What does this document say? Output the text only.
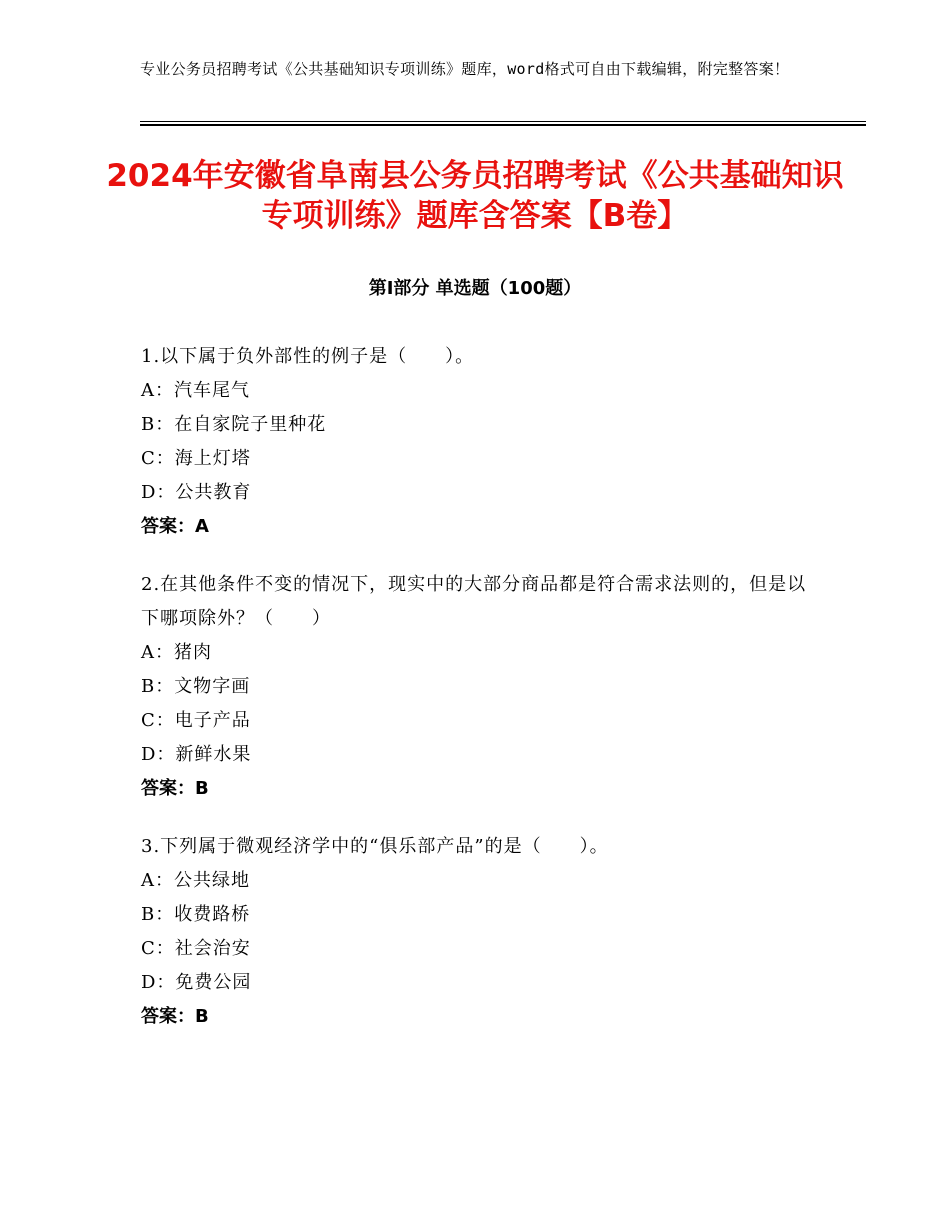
专业公务员招聘考试《公共基础知识专项训练》题库，word格式可自由下载编辑，附完整答案！
2024年安徽省阜南县公务员招聘考试《公共基础知识专项训练》题库含答案【B卷】
第Ⅰ部分 单选题（100题）
1.以下属于负外部性的例子是（　　）。
A：汽车尾气
B：在自家院子里种花
C：海上灯塔
D：公共教育
答案：A
2.在其他条件不变的情况下，现实中的大部分商品都是符合需求法则的，但是以下哪项除外？（　　）
A：猪肉
B：文物字画
C：电子产品
D：新鲜水果
答案：B
3.下列属于微观经济学中的“俱乐部产品”的是（　　）。
A：公共绿地
B：收费路桥
C：社会治安
D：免费公园
答案：B
